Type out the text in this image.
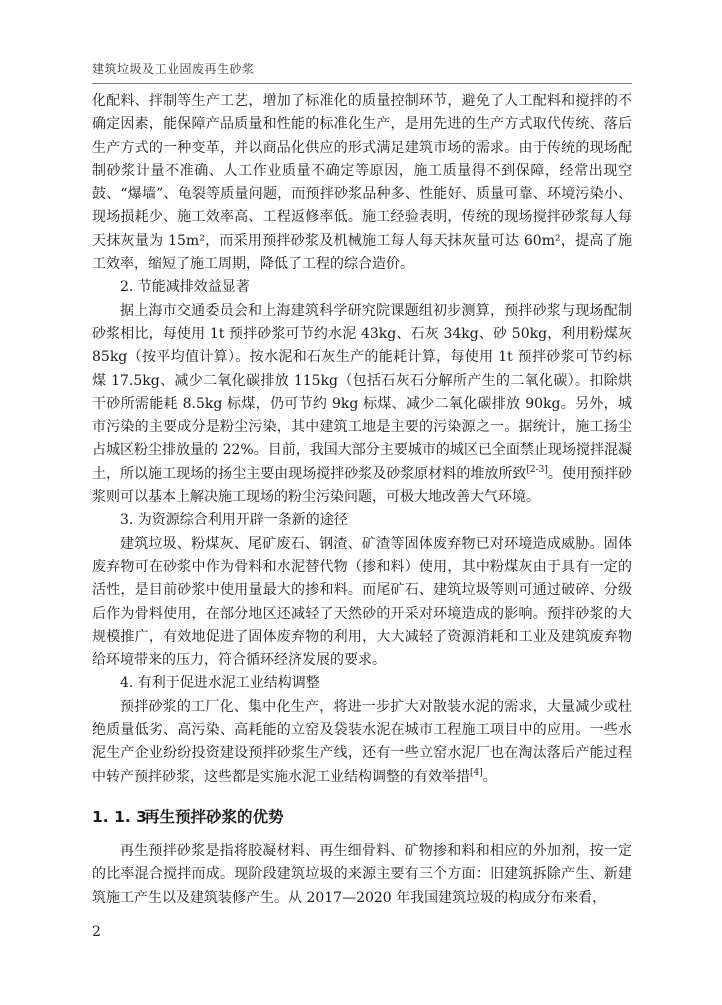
建筑垃圾及工业固废再生砂浆

化配料、拌制等生产工艺，增加了标准化的质量控制环节，避免了人工配料和搅拌的不确定因素，能保障产品质量和性能的标准化生产，是用先进的生产方式取代传统、落后生产方式的一种变革，并以商品化供应的形式满足建筑市场的需求。由于传统的现场配制砂浆计量不准确、人工作业质量不确定等原因，施工质量得不到保障，经常出现空鼓、“爆墙”、龟裂等质量问题，而预拌砂浆品种多、性能好、质量可靠、环境污染小、现场损耗少、施工效率高、工程返修率低。施工经验表明，传统的现场搅拌砂浆每人每天抹灰量为 15m²，而采用预拌砂浆及机械施工每人每天抹灰量可达 60m²，提高了施工效率，缩短了施工周期，降低了工程的综合造价。

2. 节能减排效益显著

据上海市交通委员会和上海建筑科学研究院课题组初步测算，预拌砂浆与现场配制砂浆相比，每使用 1t 预拌砂浆可节约水泥 43kg、石灰 34kg、砂 50kg，利用粉煤灰 85kg（按平均值计算）。按水泥和石灰生产的能耗计算，每使用 1t 预拌砂浆可节约标煤 17.5kg、减少二氧化碳排放 115kg（包括石灰石分解所产生的二氧化碳）。扣除烘干砂所需能耗 8.5kg 标煤，仍可节约 9kg 标煤、减少二氧化碳排放 90kg。另外，城市污染的主要成分是粉尘污染，其中建筑工地是主要的污染源之一。据统计，施工扬尘占城区粉尘排放量的 22%。目前，我国大部分主要城市的城区已全面禁止现场搅拌混凝土，所以施工现场的扬尘主要由现场搅拌砂浆及砂浆原材料的堆放所致[2-3]。使用预拌砂浆则可以基本上解决施工现场的粉尘污染问题，可极大地改善大气环境。

3. 为资源综合利用开辟一条新的途径

建筑垃圾、粉煤灰、尾矿废石、钢渣、矿渣等固体废弃物已对环境造成威胁。固体废弃物可在砂浆中作为骨料和水泥替代物（掺和料）使用，其中粉煤灰由于具有一定的活性，是目前砂浆中使用量最大的掺和料。而尾矿石、建筑垃圾等则可通过破碎、分级后作为骨料使用，在部分地区还减轻了天然砂的开采对环境造成的影响。预拌砂浆的大规模推广，有效地促进了固体废弃物的利用，大大减轻了资源消耗和工业及建筑废弃物给环境带来的压力，符合循环经济发展的要求。

4. 有利于促进水泥工业结构调整

预拌砂浆的工厂化、集中化生产，将进一步扩大对散装水泥的需求，大量减少或杜绝质量低劣、高污染、高耗能的立窑及袋装水泥在城市工程施工项目中的应用。一些水泥生产企业纷纷投资建设预拌砂浆生产线，还有一些立窑水泥厂也在淘汰落后产能过程中转产预拌砂浆，这些都是实施水泥工业结构调整的有效举措[4]。

1. 1. 3再生预拌砂浆的优势

再生预拌砂浆是指将胶凝材料、再生细骨料、矿物掺和料和相应的外加剂，按一定的比率混合搅拌而成。现阶段建筑垃圾的来源主要有三个方面：旧建筑拆除产生、新建筑施工产生以及建筑装修产生。从 2017—2020 年我国建筑垃圾的构成分布来看，

2
